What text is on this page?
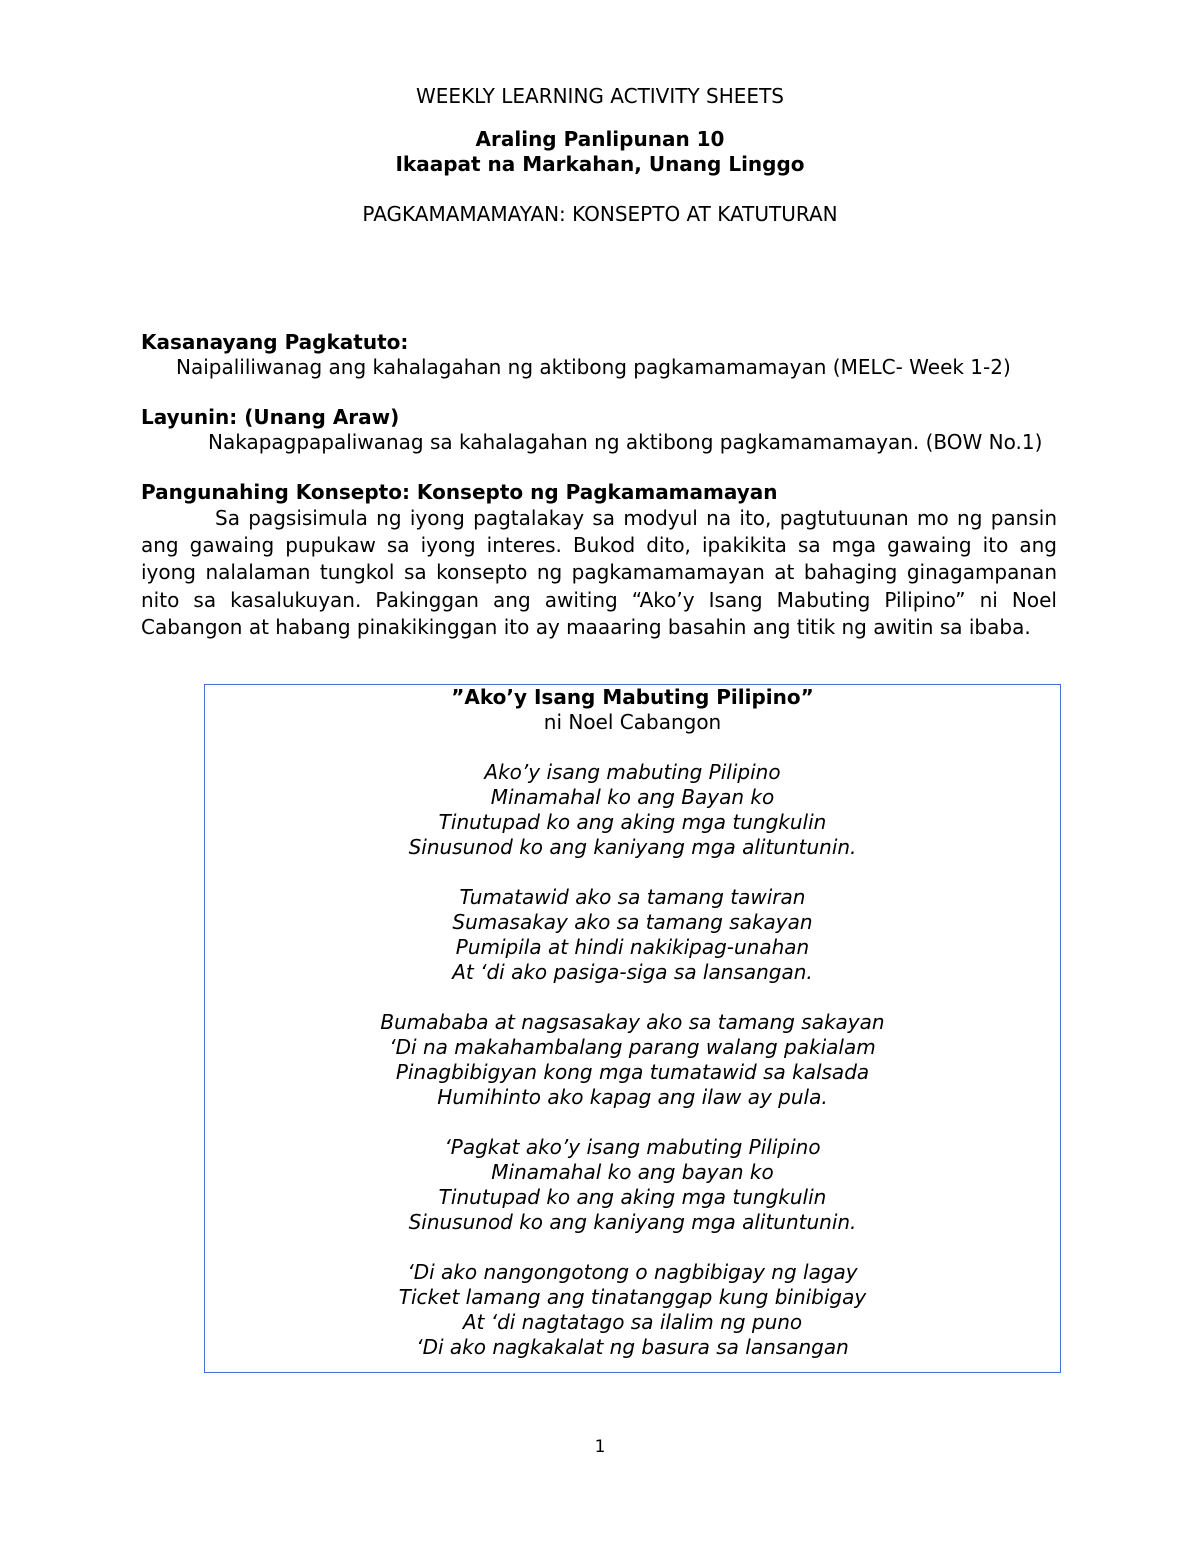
WEEKLY LEARNING ACTIVITY SHEETS
Araling Panlipunan 10
Ikaapat na Markahan, Unang Linggo
PAGKAMAMAMAYAN: KONSEPTO AT KATUTURAN
Kasanayang Pagkatuto:
Naipaliliwanag ang kahalagahan ng aktibong pagkamamamayan (MELC- Week 1-2)
Layunin: (Unang Araw)
Nakapagpapaliwanag sa kahalagahan ng aktibong pagkamamamayan. (BOW No.1)
Pangunahing Konsepto: Konsepto ng Pagkamamamayan
Sa pagsisimula ng iyong pagtalakay sa modyul na ito, pagtutuunan mo ng pansin ang gawaing pupukaw sa iyong interes. Bukod dito, ipakikita sa mga gawaing ito ang iyong nalalaman tungkol sa konsepto ng pagkamamamayan at bahaging ginagampanan nito sa kasalukuyan. Pakinggan ang awiting “Ako’y Isang Mabuting Pilipino” ni Noel Cabangon at habang pinakikinggan ito ay maaaring basahin ang titik ng awitin sa ibaba.
”Ako’y Isang Mabuting Pilipino”
ni Noel Cabangon
Ako’y isang mabuting Pilipino
Minamahal ko ang Bayan ko
Tinutupad ko ang aking mga tungkulin
Sinusunod ko ang kaniyang mga alituntunin.
Tumatawid ako sa tamang tawiran
Sumasakay ako sa tamang sakayan
Pumipila at hindi nakikipag-unahan
At ‘di ako pasiga-siga sa lansangan.
Bumababa at nagsasakay ako sa tamang sakayan
‘Di na makahambalang parang walang pakialam
Pinagbibigyan kong mga tumatawid sa kalsada
Humihinto ako kapag ang ilaw ay pula.
‘Pagkat ako’y isang mabuting Pilipino
Minamahal ko ang bayan ko
Tinutupad ko ang aking mga tungkulin
Sinusunod ko ang kaniyang mga alituntunin.
‘Di ako nangongotong o nagbibigay ng lagay
Ticket lamang ang tinatanggap kung binibigay
At ‘di nagtatago sa ilalim ng puno
‘Di ako nagkakalat ng basura sa lansangan
1
